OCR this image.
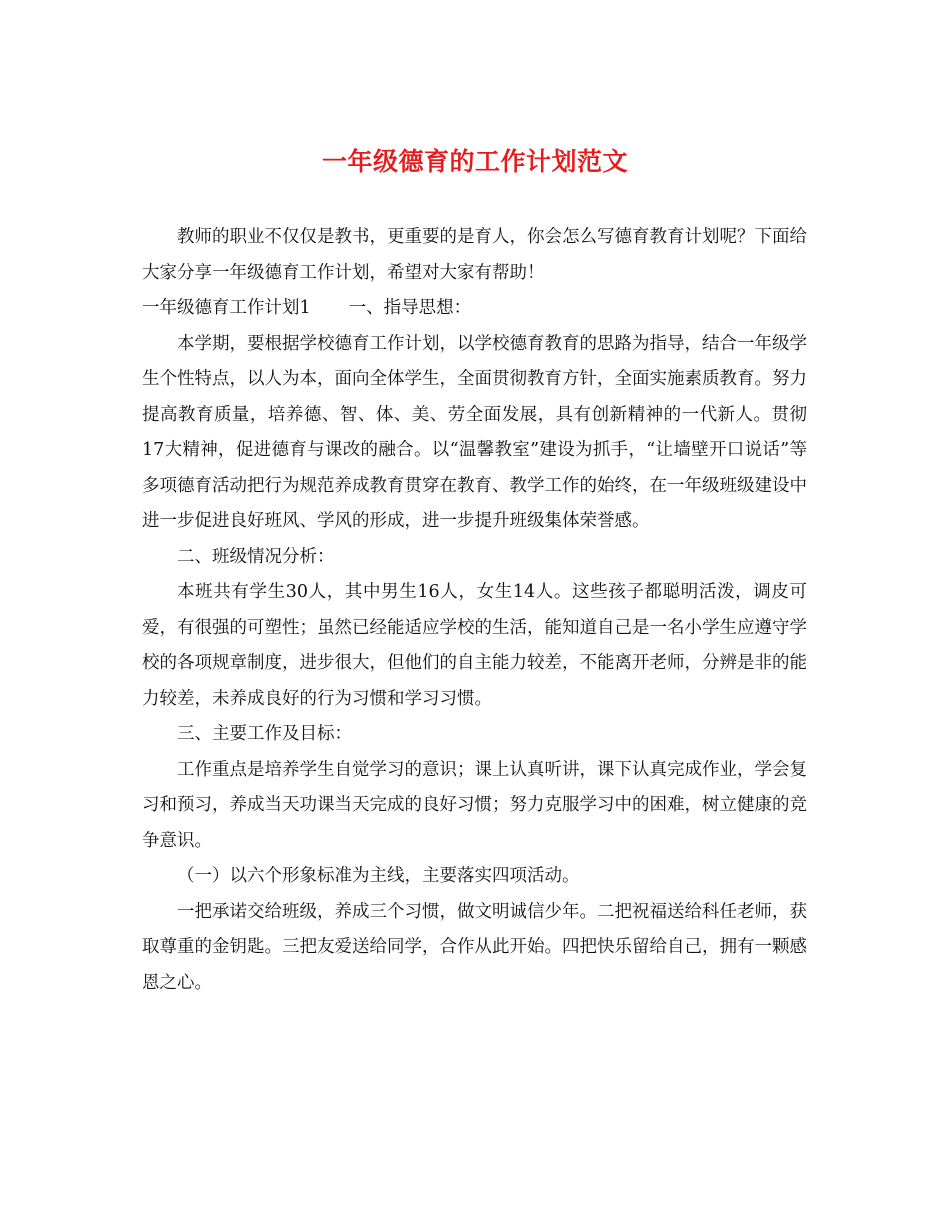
一年级德育的工作计划范文

教师的职业不仅仅是教书，更重要的是育人，你会怎么写德育教育计划呢？下面给大家分享一年级德育工作计划，希望对大家有帮助！

一年级德育工作计划1 一、指导思想：

本学期，要根据学校德育工作计划，以学校德育教育的思路为指导，结合一年级学生个性特点，以人为本，面向全体学生，全面贯彻教育方针，全面实施素质教育。努力提高教育质量，培养德、智、体、美、劳全面发展，具有创新精神的一代新人。贯彻17大精神，促进德育与课改的融合。以“温馨教室”建设为抓手，“让墙壁开口说话”等多项德育活动把行为规范养成教育贯穿在教育、教学工作的始终，在一年级班级建设中进一步促进良好班风、学风的形成，进一步提升班级集体荣誉感。

二、班级情况分析：

本班共有学生30人，其中男生16人，女生14人。这些孩子都聪明活泼，调皮可爱，有很强的可塑性；虽然已经能适应学校的生活，能知道自己是一名小学生应遵守学校的各项规章制度，进步很大，但他们的自主能力较差，不能离开老师，分辨是非的能力较差，未养成良好的行为习惯和学习习惯。

三、主要工作及目标：

工作重点是培养学生自觉学习的意识；课上认真听讲，课下认真完成作业，学会复习和预习，养成当天功课当天完成的良好习惯；努力克服学习中的困难，树立健康的竞争意识。

（一）以六个形象标准为主线，主要落实四项活动。

一把承诺交给班级，养成三个习惯，做文明诚信少年。二把祝福送给科任老师，获取尊重的金钥匙。三把友爱送给同学，合作从此开始。四把快乐留给自己，拥有一颗感恩之心。
